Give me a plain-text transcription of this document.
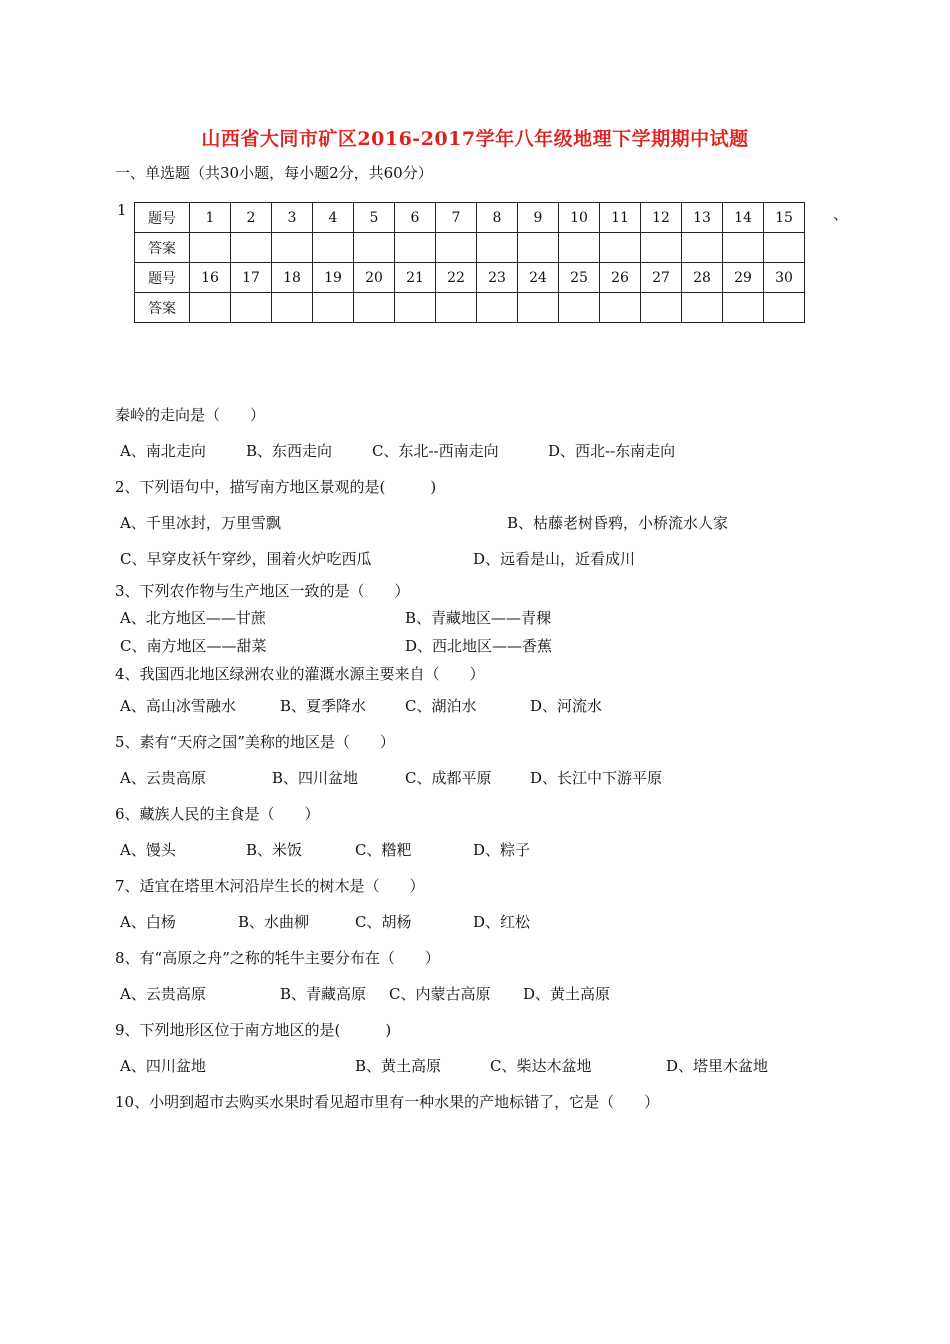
山西省大同市矿区2016-2017学年八年级地理下学期期中试题
一、单选题（共30小题，每小题2分，共60分）
1	、
题号	1	2	3	4	5	6	7	8	9	10	11	12	13	14	15
答案															
题号	16	17	18	19	20	21	22	23	24	25	26	27	28	29	30
答案															
秦岭的走向是（　　）
A、南北走向	B、东西走向	C、东北--西南走向	D、西北--东南走向
2、下列语句中，描写南方地区景观的是(　　　)
A、千里冰封，万里雪飘	B、枯藤老树昏鸦，小桥流水人家
C、早穿皮袄午穿纱，围着火炉吃西瓜	D、远看是山，近看成川
3、下列农作物与生产地区一致的是（　　）
A、北方地区——甘蔗	B、青藏地区——青稞
C、南方地区——甜菜	D、西北地区——香蕉
4、我国西北地区绿洲农业的灌溉水源主要来自（　　）
A、高山冰雪融水	B、夏季降水	C、湖泊水	D、河流水
5、素有“天府之国”美称的地区是（　　）
A、云贵高原	B、四川盆地	C、成都平原	D、长江中下游平原
6、藏族人民的主食是（　　）
A、馒头	B、米饭	C、糌粑	D、粽子
7、适宜在塔里木河沿岸生长的树木是（　　）
A、白杨	B、水曲柳	C、胡杨	D、红松
8、有“高原之舟”之称的牦牛主要分布在（　　）
A、云贵高原	B、青藏高原 C、内蒙古高原 D、黄土高原
9、下列地形区位于南方地区的是(　　　)
A、四川盆地	B、黄土高原	C、柴达木盆地	D、塔里木盆地
10、小明到超市去购买水果时看见超市里有一种水果的产地标错了，它是（　　）
